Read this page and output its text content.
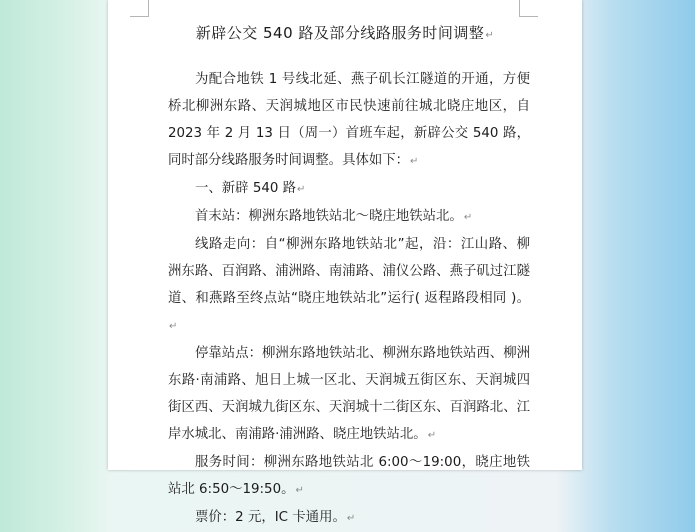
新辟公交 540 路及部分线路服务时间调整↵

为配合地铁 1 号线北延、燕子矶长江隧道的开通，方便桥北柳洲东路、天润城地区市民快速前往城北晓庄地区，自 2023 年 2 月 13 日（周一）首班车起，新辟公交 540 路，同时部分线路服务时间调整。具体如下：↵

一、新辟 540 路↵

首末站：柳洲东路地铁站北～晓庄地铁站北。↵

线路走向：自“柳洲东路地铁站北”起，沿：江山路、柳洲东路、百润路、浦洲路、南浦路、浦仪公路、燕子矶过江隧道、和燕路至终点站“晓庄地铁站北”运行( 返程路段相同 )。↵

停靠站点：柳洲东路地铁站北、柳洲东路地铁站西、柳洲东路·南浦路、旭日上城一区北、天润城五街区东、天润城四街区西、天润城九街区东、天润城十二街区东、百润路北、江岸水城北、南浦路·浦洲路、晓庄地铁站北。↵

服务时间：柳洲东路地铁站北 6:00～19:00，晓庄地铁站北 6:50～19:50。↵

票价：2 元，IC 卡通用。↵
